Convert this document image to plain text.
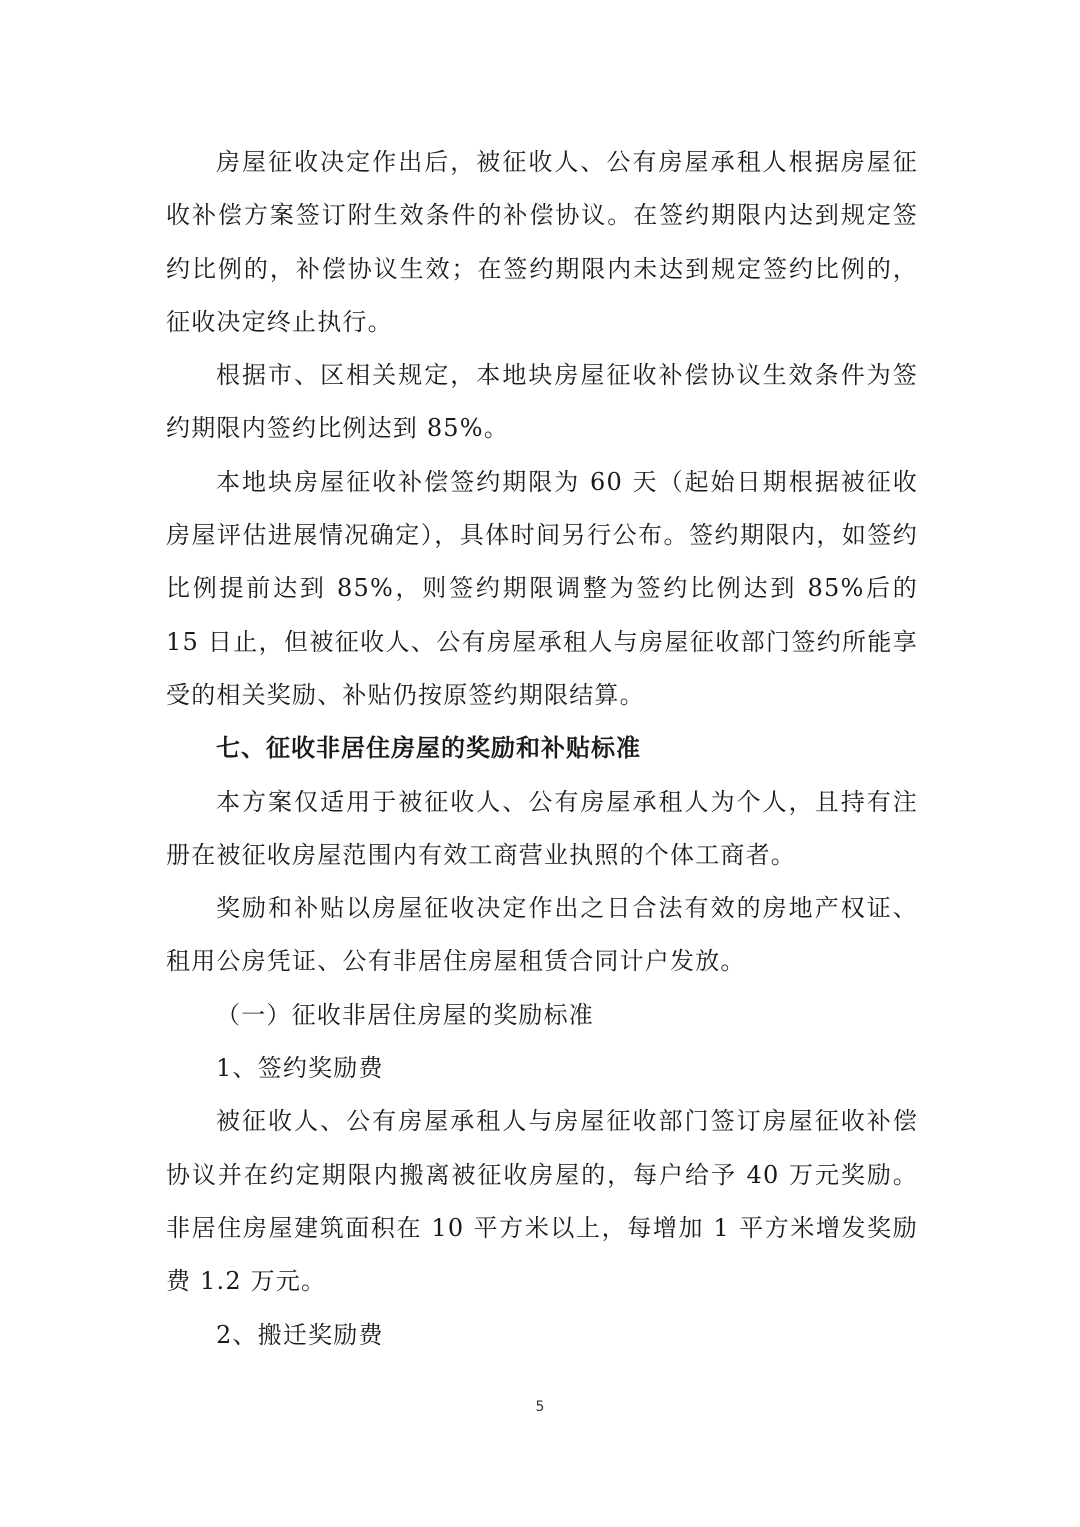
房屋征收决定作出后，被征收人、公有房屋承租人根据房屋征收补偿方案签订附生效条件的补偿协议。在签约期限内达到规定签约比例的，补偿协议生效；在签约期限内未达到规定签约比例的，征收决定终止执行。

根据市、区相关规定，本地块房屋征收补偿协议生效条件为签约期限内签约比例达到 85%。

本地块房屋征收补偿签约期限为 60 天（起始日期根据被征收房屋评估进展情况确定），具体时间另行公布。签约期限内，如签约比例提前达到 85%，则签约期限调整为签约比例达到 85%后的 15 日止，但被征收人、公有房屋承租人与房屋征收部门签约所能享受的相关奖励、补贴仍按原签约期限结算。

七、征收非居住房屋的奖励和补贴标准

本方案仅适用于被征收人、公有房屋承租人为个人，且持有注册在被征收房屋范围内有效工商营业执照的个体工商者。

奖励和补贴以房屋征收决定作出之日合法有效的房地产权证、租用公房凭证、公有非居住房屋租赁合同计户发放。

（一）征收非居住房屋的奖励标准

1、签约奖励费

被征收人、公有房屋承租人与房屋征收部门签订房屋征收补偿协议并在约定期限内搬离被征收房屋的，每户给予 40 万元奖励。非居住房屋建筑面积在 10 平方米以上，每增加 1 平方米增发奖励费 1.2 万元。

2、搬迁奖励费

5
